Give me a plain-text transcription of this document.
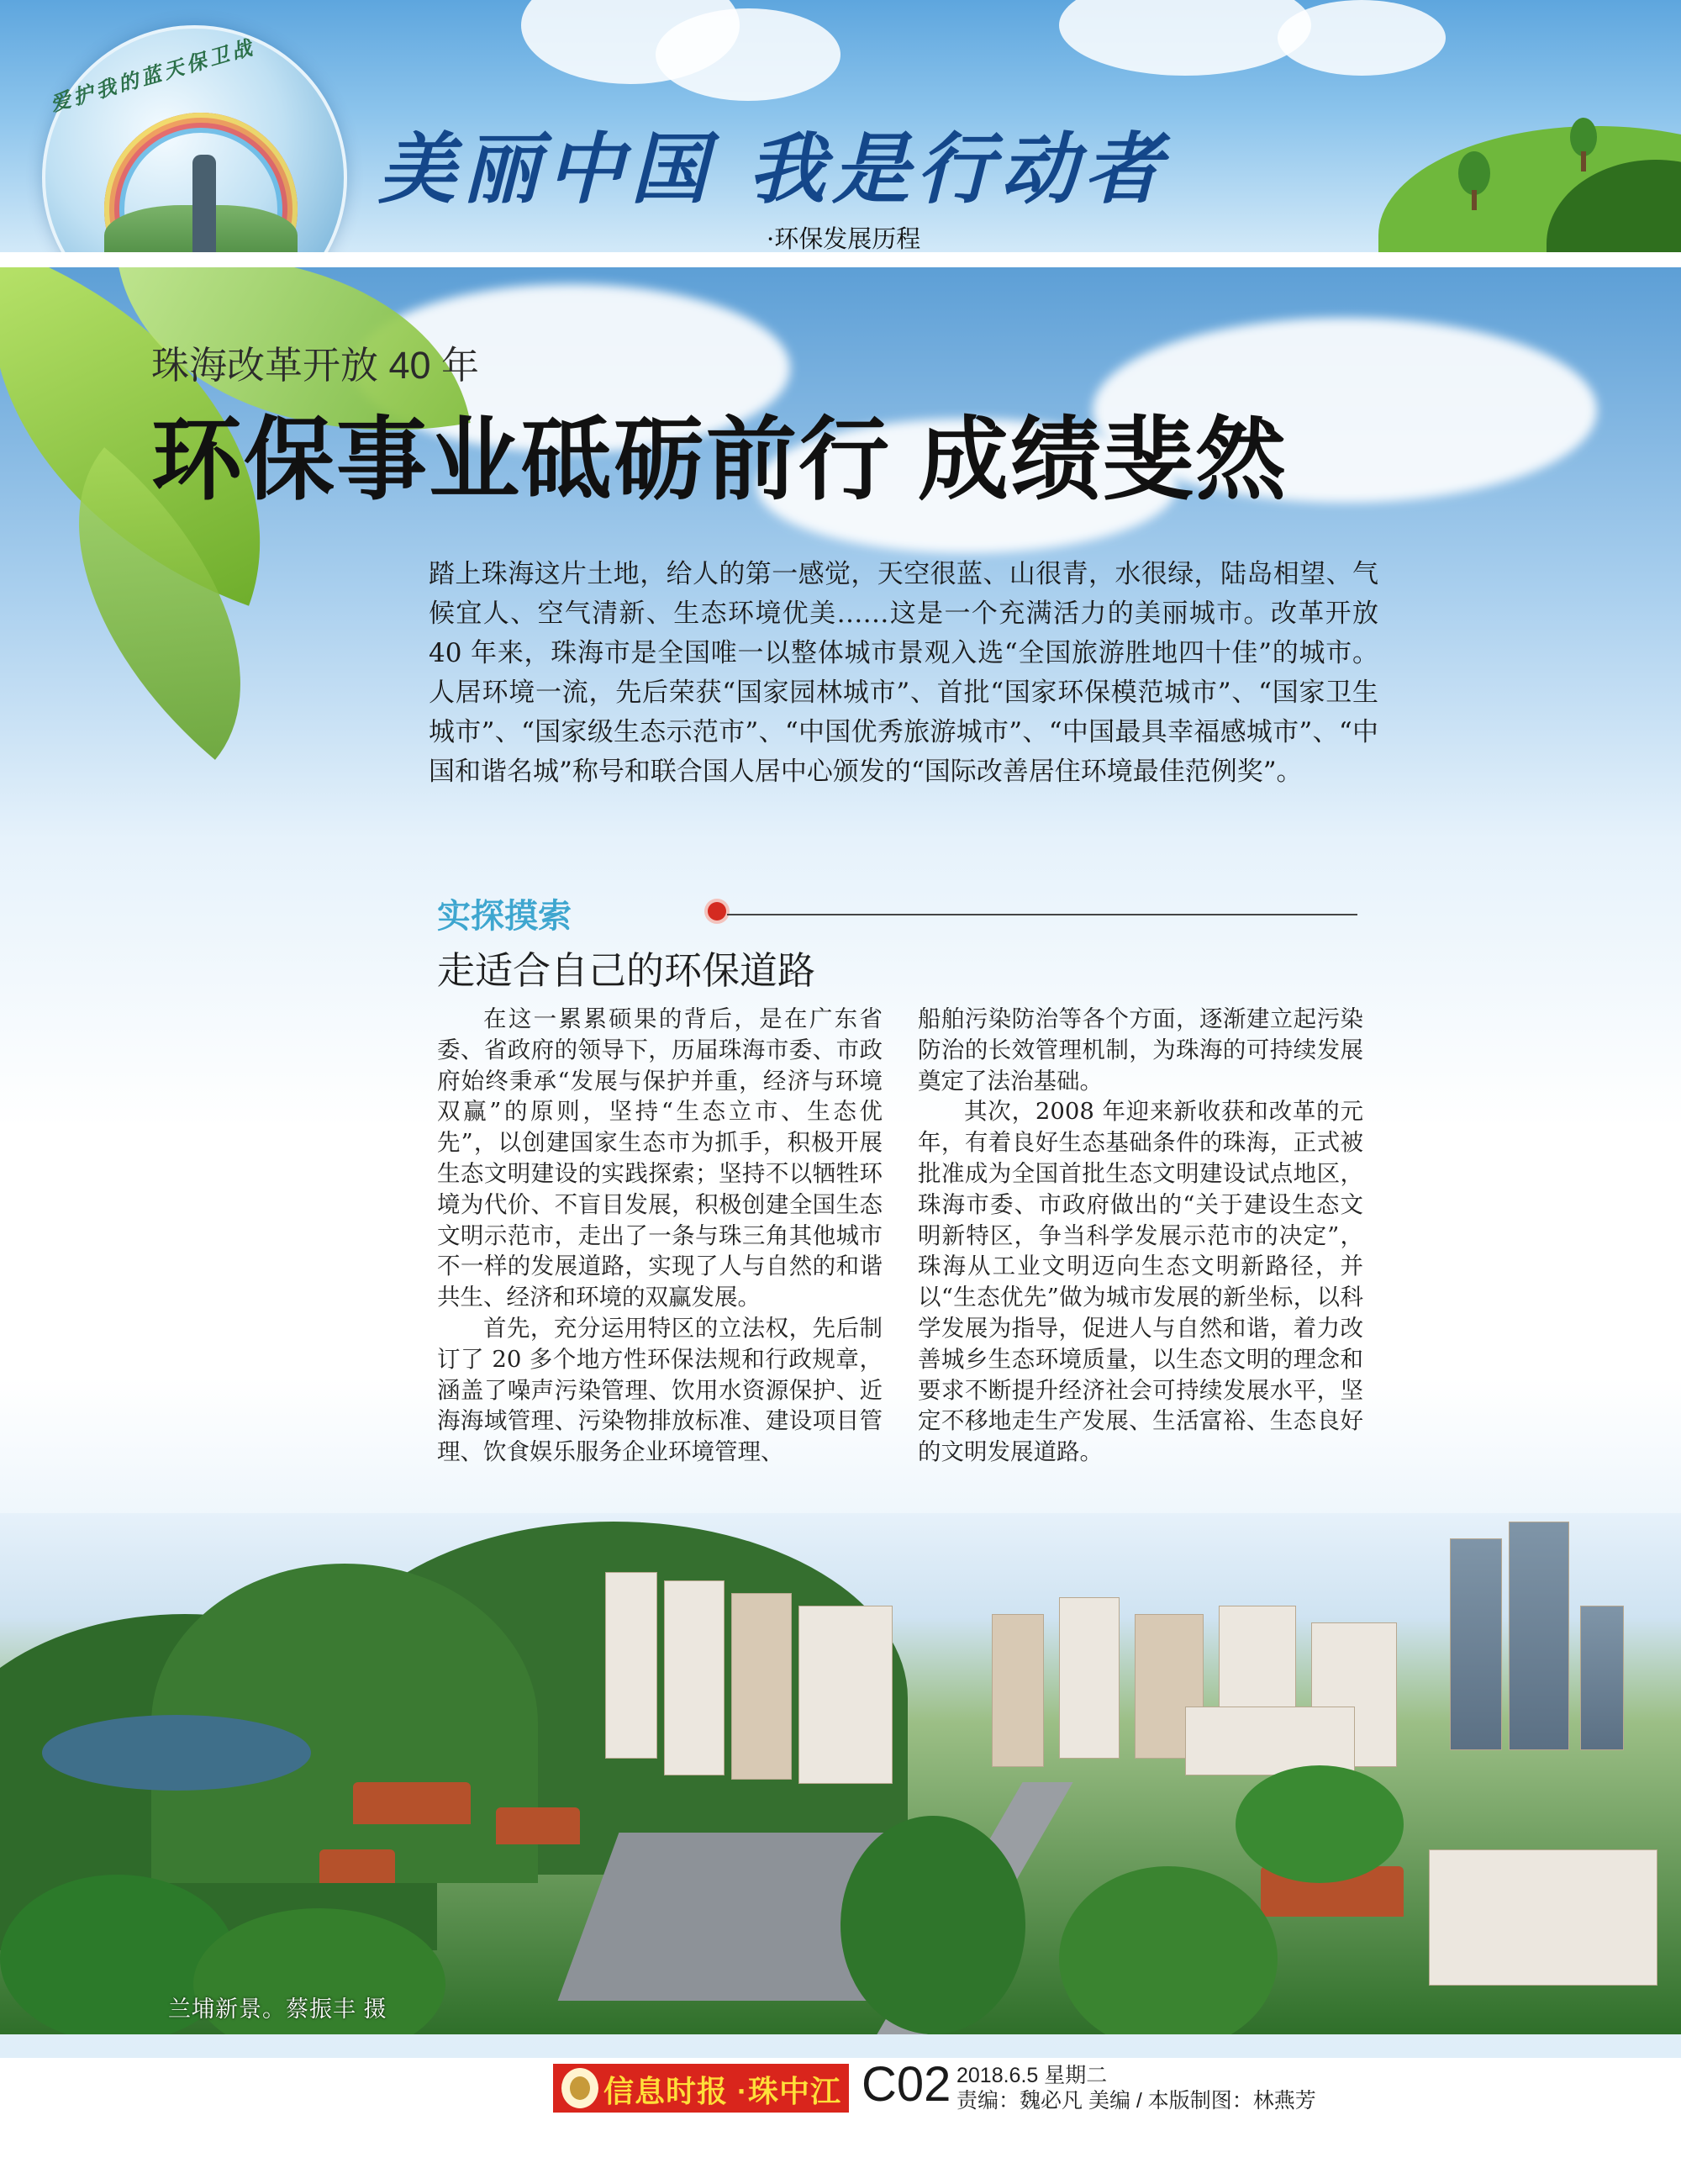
爱护我的蓝天保卫战
美丽中国 我是行动者
·环保发展历程
珠海改革开放 40 年
环保事业砥砺前行 成绩斐然
踏上珠海这片土地，给人的第一感觉，天空很蓝、山很青，水很绿，陆岛相望、气候宜人、空气清新、生态环境优美……这是一个充满活力的美丽城市。改革开放 40 年来，珠海市是全国唯一以整体城市景观入选“全国旅游胜地四十佳”的城市。人居环境一流，先后荣获“国家园林城市”、首批“国家环保模范城市”、“国家卫生城市”、“国家级生态示范市”、“中国优秀旅游城市”、“中国最具幸福感城市”、“中国和谐名城”称号和联合国人居中心颁发的“国际改善居住环境最佳范例奖”。
实探摸索
走适合自己的环保道路

在这一累累硕果的背后，是在广东省委、省政府的领导下，历届珠海市委、市政府始终秉承“发展与保护并重，经济与环境双赢”的原则，坚持“生态立市、生态优先”，以创建国家生态市为抓手，积极开展生态文明建设的实践探索；坚持不以牺牲环境为代价、不盲目发展，积极创建全国生态文明示范市，走出了一条与珠三角其他城市不一样的发展道路，实现了人与自然的和谐共生、经济和环境的双赢发展。

首先，充分运用特区的立法权，先后制订了 20 多个地方性环保法规和行政规章，涵盖了噪声污染管理、饮用水资源保护、近海海域管理、污染物排放标准、建设项目管理、饮食娱乐服务企业环境管理、

船舶污染防治等各个方面，逐渐建立起污染防治的长效管理机制，为珠海的可持续发展奠定了法治基础。

其次，2008 年迎来新收获和改革的元年，有着良好生态基础条件的珠海，正式被批准成为全国首批生态文明建设试点地区，珠海市委、市政府做出的“关于建设生态文明新特区，争当科学发展示范市的决定”，珠海从工业文明迈向生态文明新路径，并以“生态优先”做为城市发展的新坐标，以科学发展为指导，促进人与自然和谐，着力改善城乡生态环境质量，以生态文明的理念和要求不断提升经济社会可持续发展水平，坚定不移地走生产发展、生活富裕、生态良好的文明发展道路。

兰埔新景。蔡振丰 摄
信息时报 ·珠中江 C02 2018.6.5 星期二
责编：魏必凡 美编 / 本版制图：林燕芳
